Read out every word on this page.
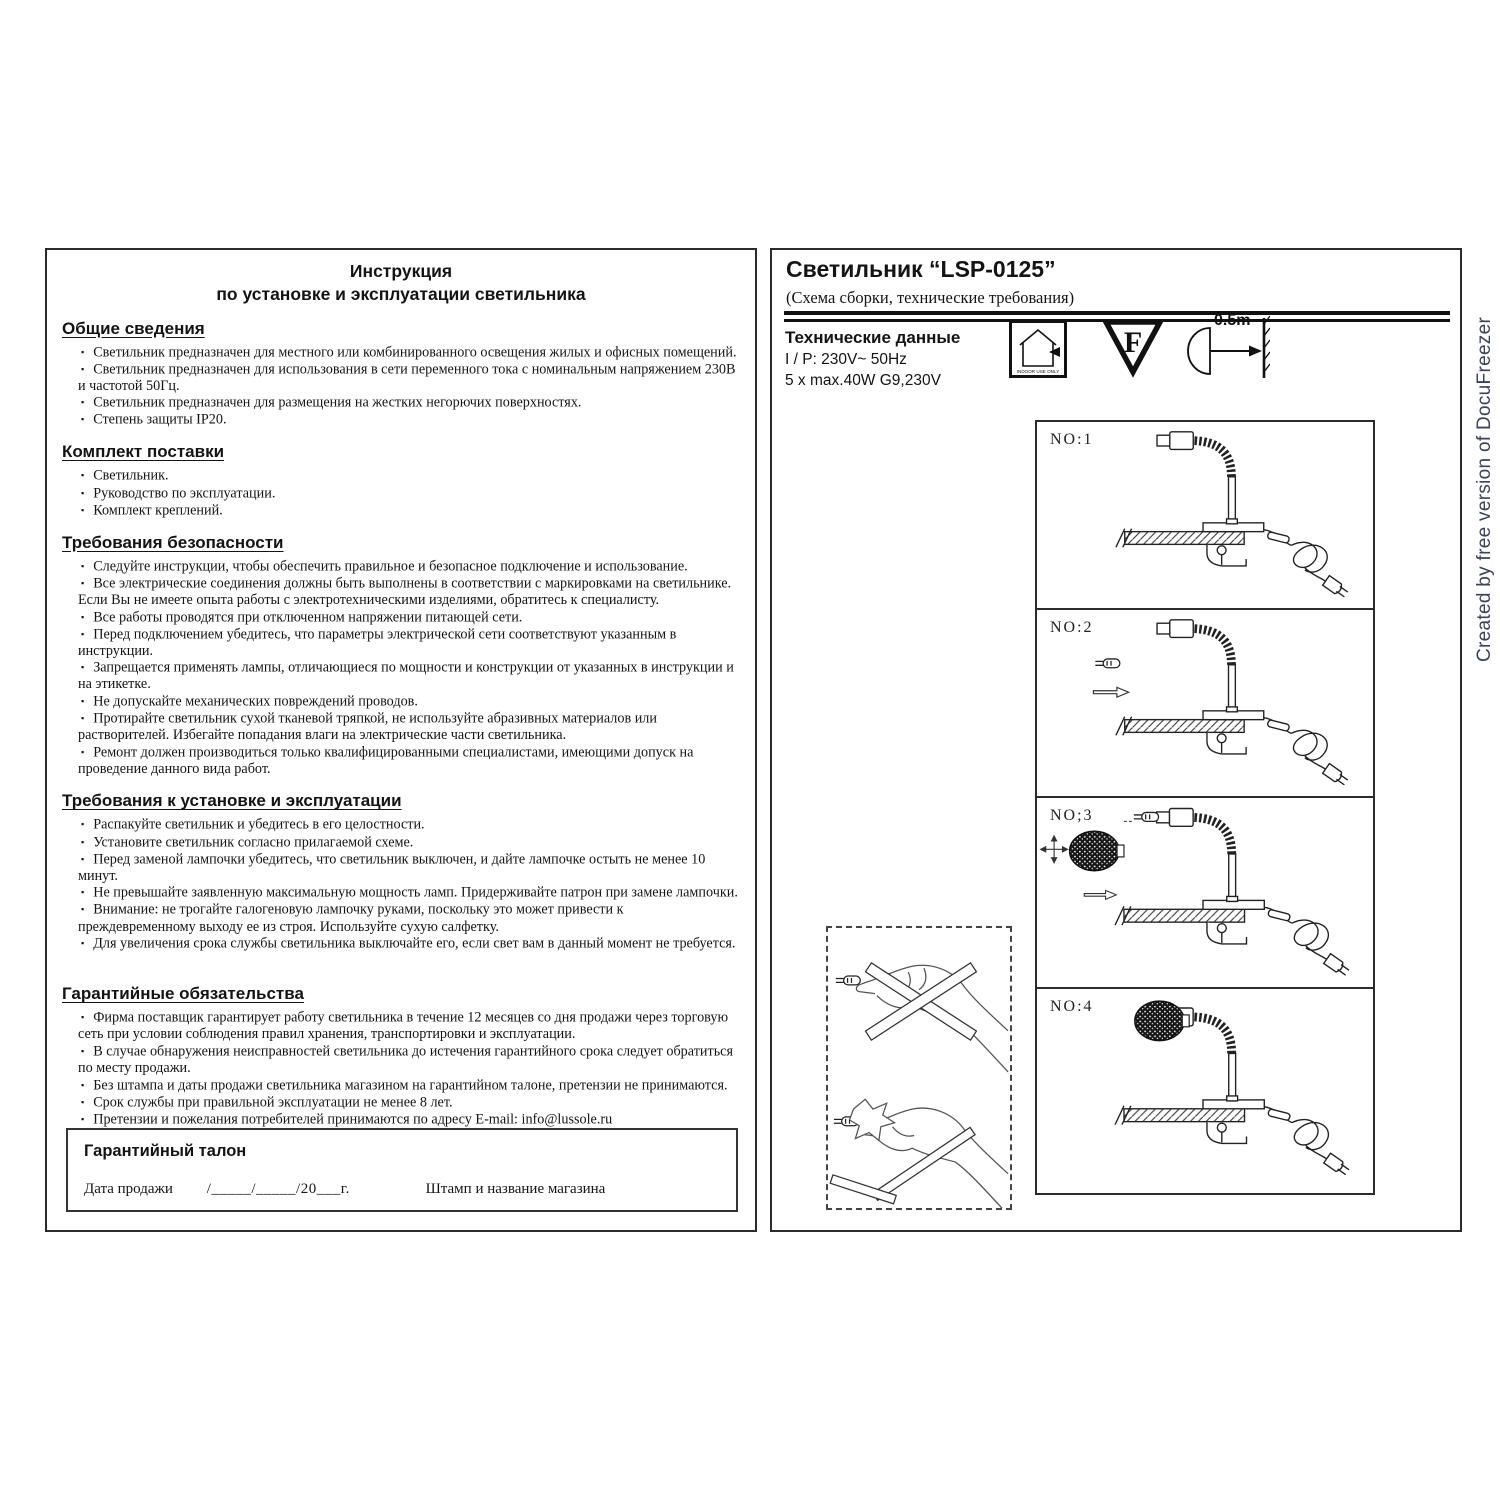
Инструкция
по установке и эксплуатации светильника
Общие сведения
▪ Светильник предназначен для местного или комбинированного освещения жилых и офисных помещений.
▪ Светильник предназначен для использования в сети переменного тока с номинальным напряжением 230В и частотой 50Гц.
▪ Светильник предназначен для размещения на жестких негорючих поверхностях.
▪ Степень защиты IP20.
Комплект поставки
▪ Светильник.
▪ Руководство по эксплуатации.
▪ Комплект креплений.
Требования безопасности
▪ Следуйте инструкции, чтобы обеспечить правильное и безопасное подключение и использование.
▪ Все электрические соединения должны быть выполнены в соответствии с маркировками на светильнике. Если Вы не имеете опыта работы с электротехническими изделиями, обратитесь к специалисту.
▪ Все работы проводятся при отключенном напряжении питающей сети.
▪ Перед подключением убедитесь, что параметры электрической сети соответствуют указанным в инструкции.
▪ Запрещается применять лампы, отличающиеся по мощности и конструкции от указанных в инструкции и на этикетке.
▪ Не допускайте механических повреждений проводов.
▪ Протирайте светильник сухой тканевой тряпкой, не используйте абразивных материалов или растворителей. Избегайте попадания влаги на электрические части светильника.
▪ Ремонт должен производиться только квалифицированными специалистами, имеющими допуск на проведение данного вида работ.
Требования к установке и эксплуатации
▪ Распакуйте светильник и убедитесь в его целостности.
▪ Установите светильник согласно прилагаемой схеме.
▪ Перед заменой лампочки убедитесь, что светильник выключен, и дайте лампочке остыть не менее 10 минут.
▪ Не превышайте заявленную максимальную мощность ламп. Придерживайте патрон при замене лампочки.
▪ Внимание: не трогайте галогеновую лампочку руками, поскольку это может привести к преждевременному выходу ее из строя. Используйте сухую салфетку.
▪ Для увеличения срока службы светильника выключайте его, если свет вам в данный момент не требуется.
Гарантийные обязательства
▪ Фирма поставщик гарантирует работу светильника в течение 12 месяцев со дня продажи через торговую сеть при условии соблюдения правил хранения, транспортировки и эксплуатации.
▪ В случае обнаружения неисправностей светильника до истечения гарантийного срока следует обратиться по месту продажи.
▪ Без штампа и даты продажи светильника магазином на гарантийном талоне, претензии не принимаются.
▪ Срок службы при правильной эксплуатации не менее 8 лет.
▪ Претензии и пожелания потребителей принимаются по адресу E-mail: info@lussole.ru
Гарантийный талон
Дата продажи /_____/_____/20___г.	Штамп и название магазина
Светильник “LSP-0125”
(Схема сборки, технические требования)
Технические данные
I / P: 230V~ 50Hz
5 x max.40W G9,230V
INDOOR USE ONLY
F
0.5m
NO:1
NO:2
NO;3
NO:4
Created by free version of DocuFreezer
